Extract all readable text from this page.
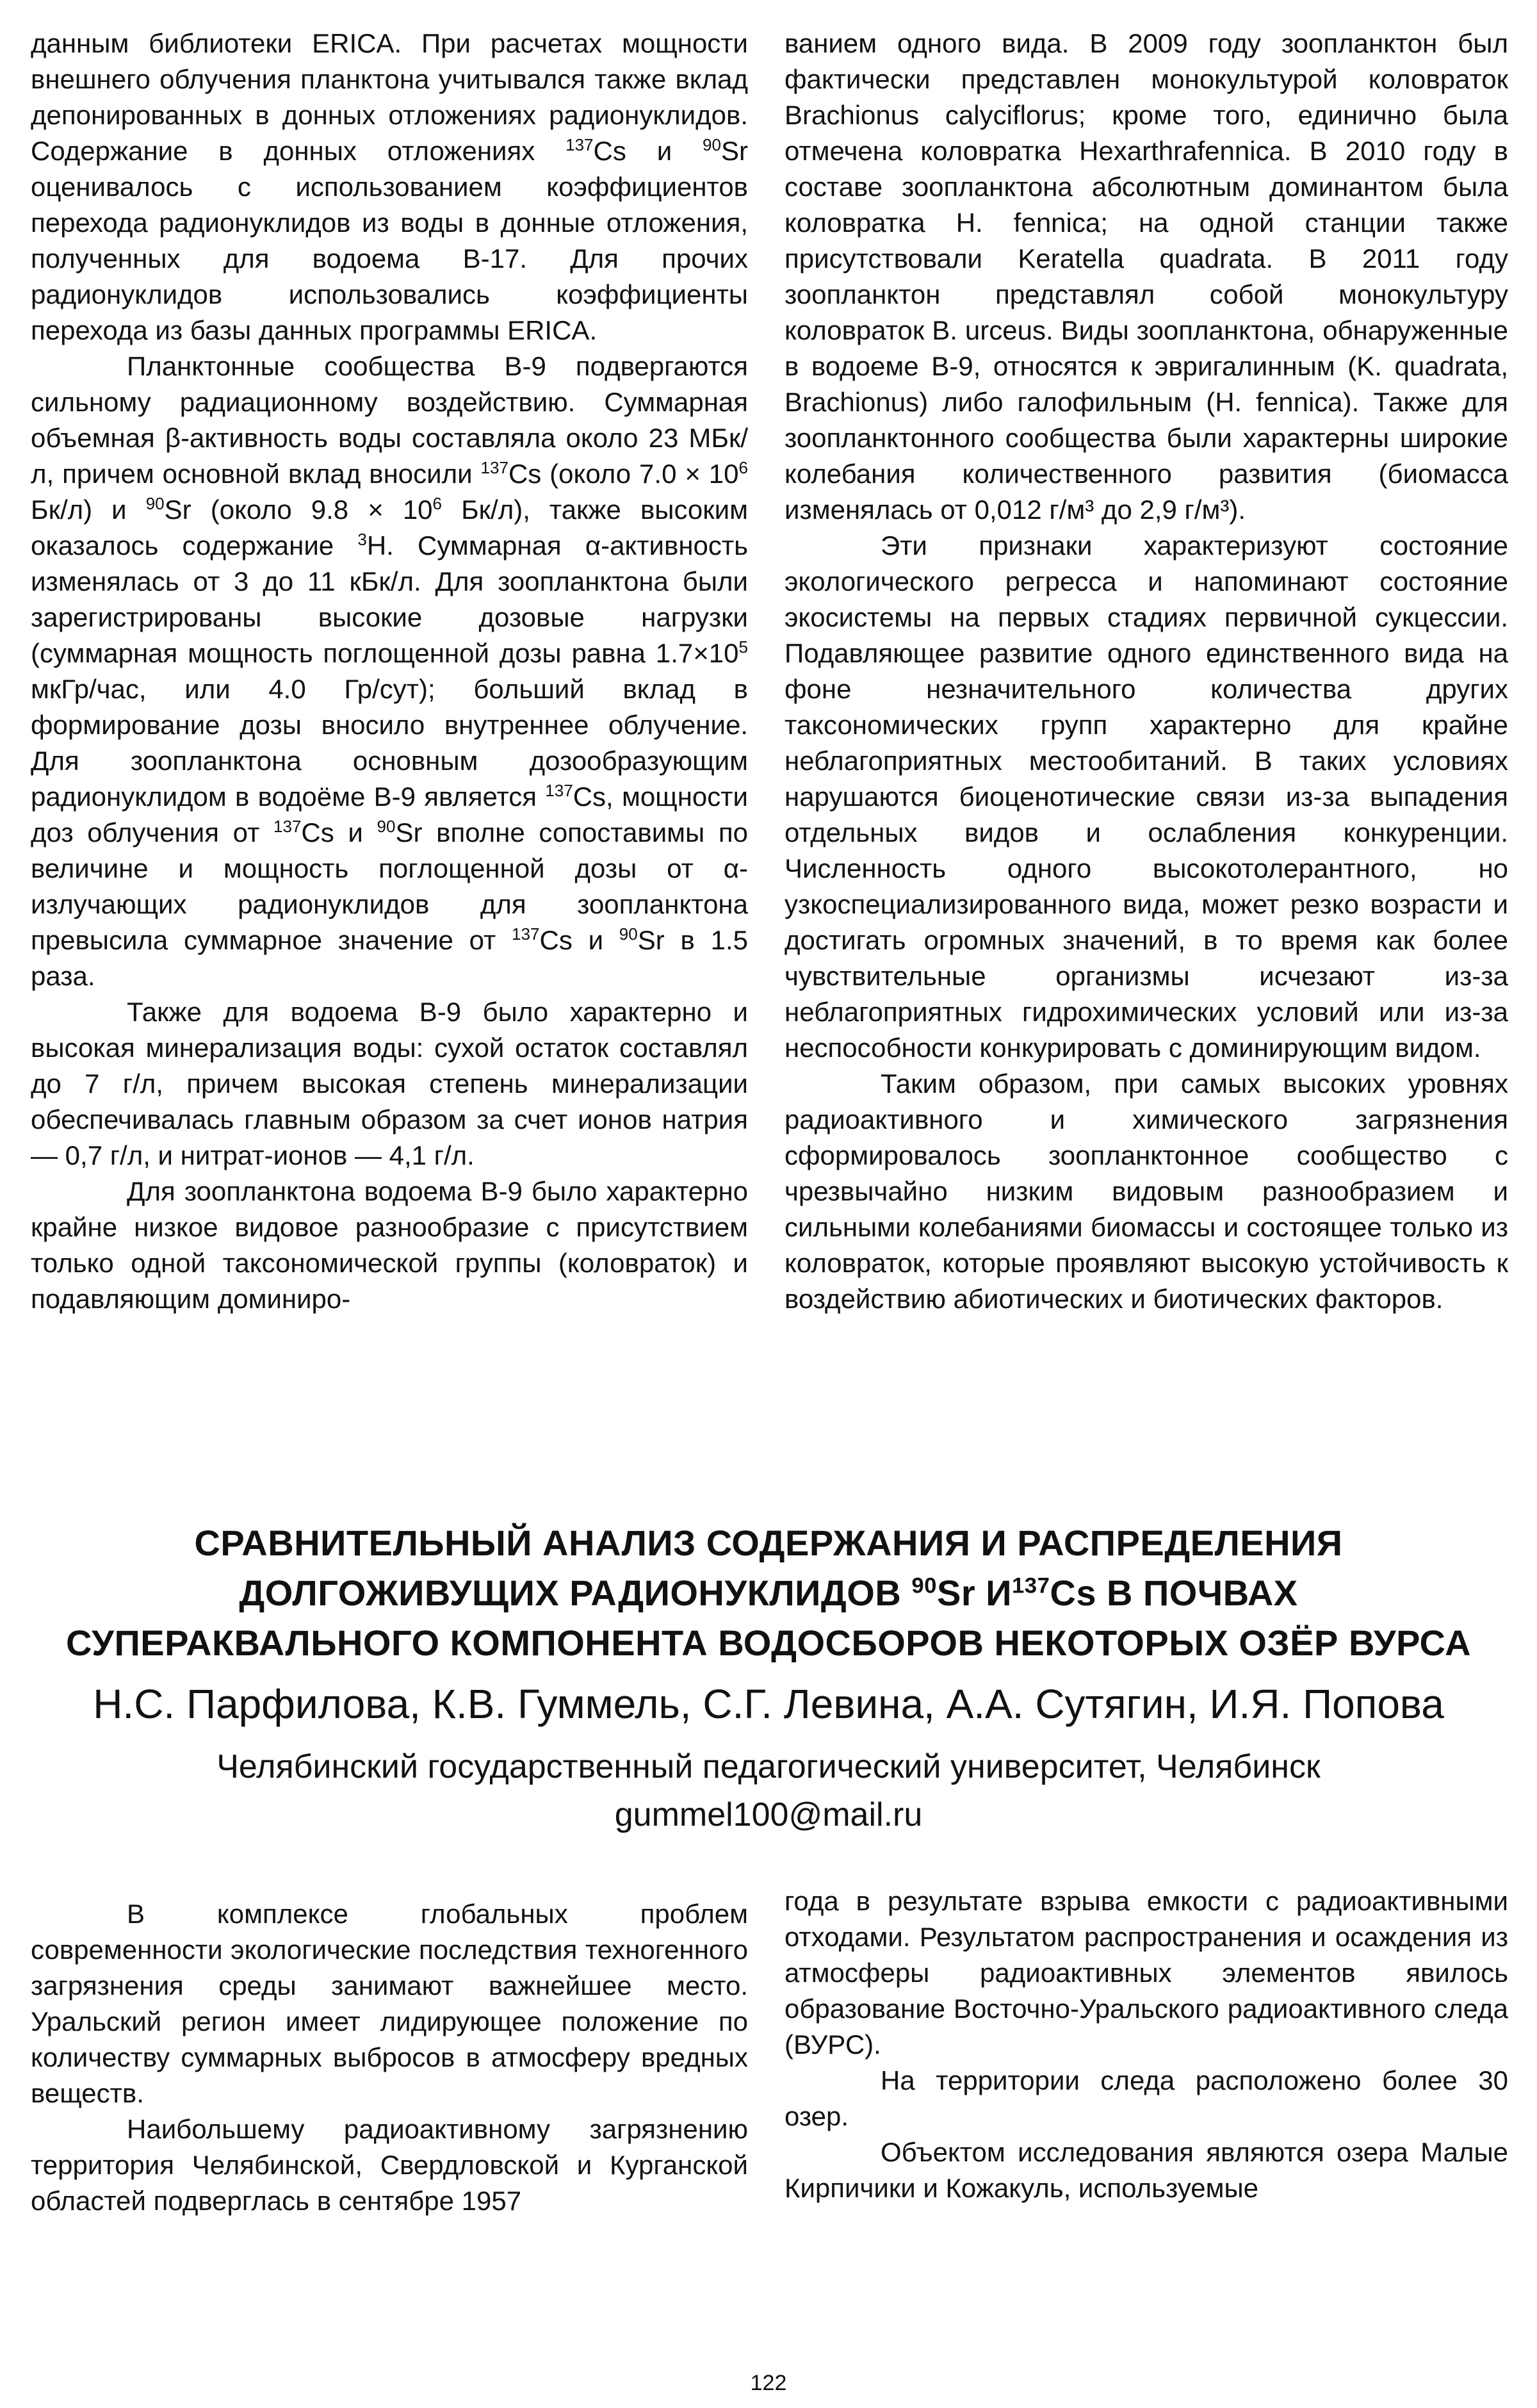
данным библиотеки ERICA. При расчетах мощности внешнего облучения планктона учитывался также вклад депонированных в донных отложениях радионуклидов. Содержание в донных отложениях $^{137}$Cs и $^{90}$Sr оценивалось с использованием коэффициентов перехода радионуклидов из воды в донные отложения, полученных для водоема В-17. Для прочих радионуклидов использовались коэффициенты перехода из базы данных программы ERICA.

Планктонные сообщества В-9 подвергаются сильному радиационному воздействию. Суммарная объемная β-активность воды составляла около 23 МБк/л, причем основной вклад вносили $^{137}$Cs (около $7.0 \times 10^6$ Бк/л) и $^{90}$Sr (около $9.8 \times 10^6$ Бк/л), также высоким оказалось содержание $^3$Н. Суммарная α-активность изменялась от 3 до 11 кБк/л. Для зоопланктона были зарегистрированы высокие дозовые нагрузки (суммарная мощность поглощенной дозы равна $1.7\times 10^5$ мкГр/час, или 4.0 Гр/сут); больший вклад в формирование дозы вносило внутреннее облучение. Для зоопланктона основным дозообразующим радионуклидом в водоёме В-9 является $^{137}$Cs, мощности доз облучения от $^{137}$Cs и $^{90}$Sr вполне сопоставимы по величине и мощность поглощенной дозы от α-излучающих радионуклидов для зоопланктона превысила суммарное значение от $^{137}$Cs и $^{90}$Sr в 1.5 раза.

Также для водоема В-9 было характерно и высокая минерализация воды: сухой остаток составлял до 7 г/л, причем высокая степень минерализации обеспечивалась главным образом за счет ионов натрия — 0,7 г/л, и нитрат-ионов — 4,1 г/л.

Для зоопланктона водоема В-9 было характерно крайне низкое видовое разнообразие с присутствием только одной таксономической группы (коловраток) и подавляющим доминиро-

ванием одного вида. В 2009 году зоопланктон был фактически представлен монокультурой коловраток Brachionus calyciflorus; кроме того, единично была отмечена коловратка Hexarthrafennica. В 2010 году в составе зоопланктона абсолютным доминантом была коловратка H. fennica; на одной станции также присутствовали Keratella quadrata. В 2011 году зоопланктон представлял собой монокультуру коловраток B. urceus. Виды зоопланктона, обнаруженные в водоеме В-9, относятся к эвригалинным (K. quadrata, Brachionus) либо галофильным (H. fennica). Также для зоопланктонного сообщества были характерны широкие колебания количественного развития (биомасса изменялась от 0,012 г/м³ до 2,9 г/м³).

Эти признаки характеризуют состояние экологического регресса и напоминают состояние экосистемы на первых стадиях первичной сукцессии. Подавляющее развитие одного единственного вида на фоне незначительного количества других таксономических групп характерно для крайне неблагоприятных местообитаний. В таких условиях нарушаются биоценотические связи из-за выпадения отдельных видов и ослабления конкуренции. Численность одного высокотолерантного, но узкоспециализированного вида, может резко возрасти и достигать огромных значений, в то время как более чувствительные организмы исчезают из-за неблагоприятных гидрохимических условий или из-за неспособности конкурировать с доминирующим видом.

Таким образом, при самых высоких уровнях радиоактивного и химического загрязнения сформировалось зоопланктонное сообщество с чрезвычайно низким видовым разнообразием и сильными колебаниями биомассы и состоящее только из коловраток, которые проявляют высокую устойчивость к воздействию абиотических и биотических факторов.

СРАВНИТЕЛЬНЫЙ АНАЛИЗ СОДЕРЖАНИЯ И РАСПРЕДЕЛЕНИЯ
ДОЛГОЖИВУЩИХ РАДИОНУКЛИДОВ $^{90}$Sr $И^{137}Cs$ В ПОЧВАХ
СУПЕРАКВАЛЬНОГО КОМПОНЕНТА ВОДОСБОРОВ НЕКОТОРЫХ ОЗЁР ВУРСА
Н.С. Парфилова, К.В. Гуммель, С.Г. Левина, А.А. Сутягин, И.Я. Попова
Челябинский государственный педагогический университет, Челябинск
gummel100@mail.ru

В комплексе глобальных проблем современности экологические последствия техногенного загрязнения среды занимают важнейшее место. Уральский регион имеет лидирующее положение по количеству суммарных выбросов в атмосферу вредных веществ.

Наибольшему радиоактивному загрязнению территория Челябинской, Свердловской и Курганской областей подверглась в сентябре 1957

года в результате взрыва емкости с радиоактивными отходами. Результатом распространения и осаждения из атмосферы радиоактивных элементов явилось образование Восточно-Уральского радиоактивного следа (ВУРС).

На территории следа расположено более 30 озер.

Объектом исследования являются озера Малые Кирпичики и Кожакуль, используемые

122
